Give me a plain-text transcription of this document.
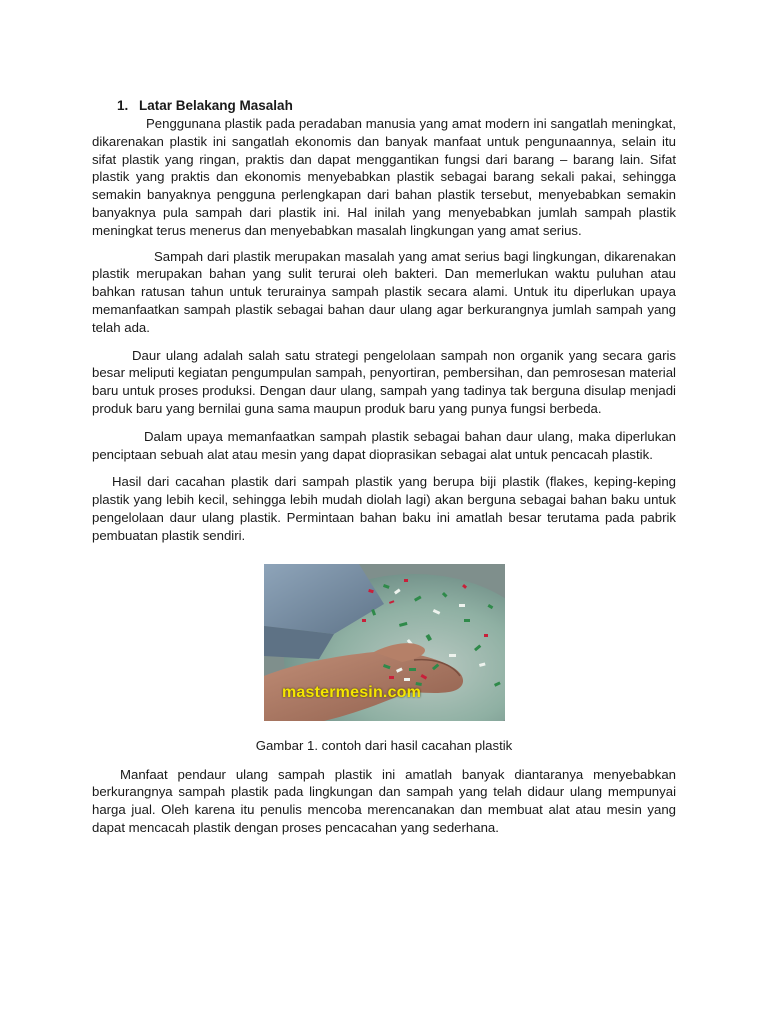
1. Latar Belakang Masalah

Penggunana plastik pada peradaban manusia yang amat modern ini sangatlah meningkat, dikarenakan plastik ini sangatlah ekonomis dan banyak manfaat untuk pengunaannya, selain itu sifat plastik yang ringan, praktis dan dapat menggantikan fungsi dari barang – barang lain. Sifat plastik yang praktis dan ekonomis menyebabkan plastik sebagai barang sekali pakai, sehingga semakin banyaknya pengguna perlengkapan dari bahan plastik tersebut, menyebabkan semakin banyaknya pula sampah dari plastik ini. Hal inilah yang menyebabkan jumlah sampah plastik meningkat terus menerus dan menyebabkan masalah lingkungan yang amat serius.

Sampah dari plastik merupakan masalah yang amat serius bagi lingkungan, dikarenakan plastik merupakan bahan yang sulit terurai oleh bakteri. Dan memerlukan waktu puluhan atau bahkan ratusan tahun untuk terurainya sampah plastik secara alami. Untuk itu diperlukan upaya memanfaatkan sampah plastik sebagai bahan daur ulang agar berkurangnya jumlah sampah yang telah ada.

Daur ulang adalah salah satu strategi pengelolaan sampah non organik yang secara garis besar meliputi kegiatan pengumpulan sampah, penyortiran, pembersihan, dan pemrosesan material baru untuk proses produksi. Dengan daur ulang, sampah yang tadinya tak berguna disulap menjadi produk baru yang bernilai guna sama maupun produk baru yang punya fungsi berbeda.

Dalam upaya memanfaatkan sampah plastik sebagai bahan daur ulang, maka diperlukan penciptaan sebuah alat atau mesin yang dapat dioprasikan sebagai alat untuk pencacah plastik.

Hasil dari cacahan plastik dari sampah plastik yang berupa biji plastik (flakes, keping-keping plastik yang lebih kecil, sehingga lebih mudah diolah lagi) akan berguna sebagai bahan baku untuk pengelolaan daur ulang plastik. Permintaan bahan baku ini amatlah besar terutama pada pabrik pembuatan plastik sendiri.

mastermesin.com
Gambar 1. contoh dari hasil cacahan plastik

Manfaat pendaur ulang sampah plastik ini amatlah banyak diantaranya menyebabkan berkurangnya sampah plastik pada lingkungan dan sampah yang telah didaur ulang mempunyai harga jual. Oleh karena itu penulis mencoba merencanakan dan membuat alat atau mesin yang dapat mencacah plastik dengan proses pencacahan yang sederhana.
